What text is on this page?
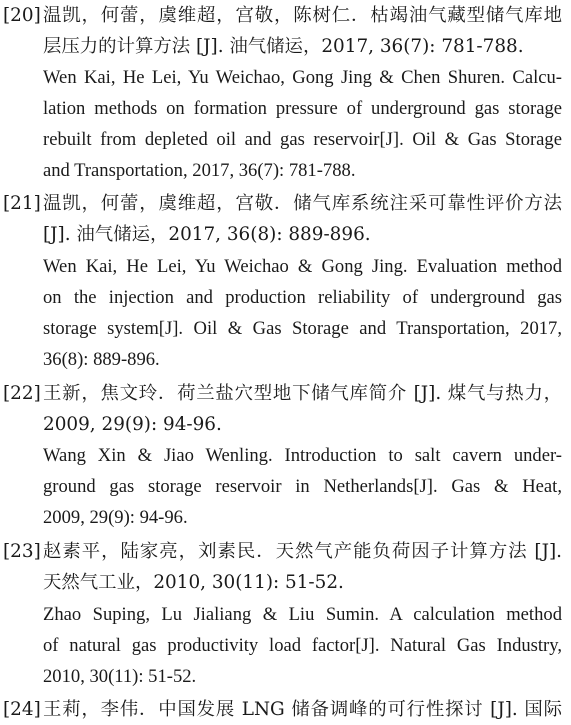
[20] 温凯，何蕾，虞维超，宫敬，陈树仁．枯竭油气藏型储气库地
层压力的计算方法 [J]. 油气储运，2017, 36(7): 781-788.
Wen Kai, He Lei, Yu Weichao, Gong Jing & Chen Shuren. Calcu-
lation methods on formation pressure of underground gas storage
rebuilt from depleted oil and gas reservoir[J]. Oil & Gas Storage
and Transportation, 2017, 36(7): 781-788.
[21] 温凯，何蕾，虞维超，宫敬．储气库系统注采可靠性评价方法
[J]. 油气储运，2017, 36(8): 889-896.
Wen Kai, He Lei, Yu Weichao & Gong Jing. Evaluation method
on the injection and production reliability of underground gas
storage system[J]. Oil & Gas Storage and Transportation, 2017,
36(8): 889-896.
[22] 王新，焦文玲．荷兰盐穴型地下储气库简介 [J]. 煤气与热力，
2009, 29(9): 94-96.
Wang Xin & Jiao Wenling. Introduction to salt cavern under-
ground gas storage reservoir in Netherlands[J]. Gas & Heat,
2009, 29(9): 94-96.
[23] 赵素平，陆家亮，刘素民．天然气产能负荷因子计算方法 [J].
天然气工业，2010, 30(11): 51-52.
Zhao Suping, Lu Jialiang & Liu Sumin. A calculation method
of natural gas productivity load factor[J]. Natural Gas Industry,
2010, 30(11): 51-52.
[24] 王莉，李伟．中国发展 LNG 储备调峰的可行性探讨 [J]. 国际
